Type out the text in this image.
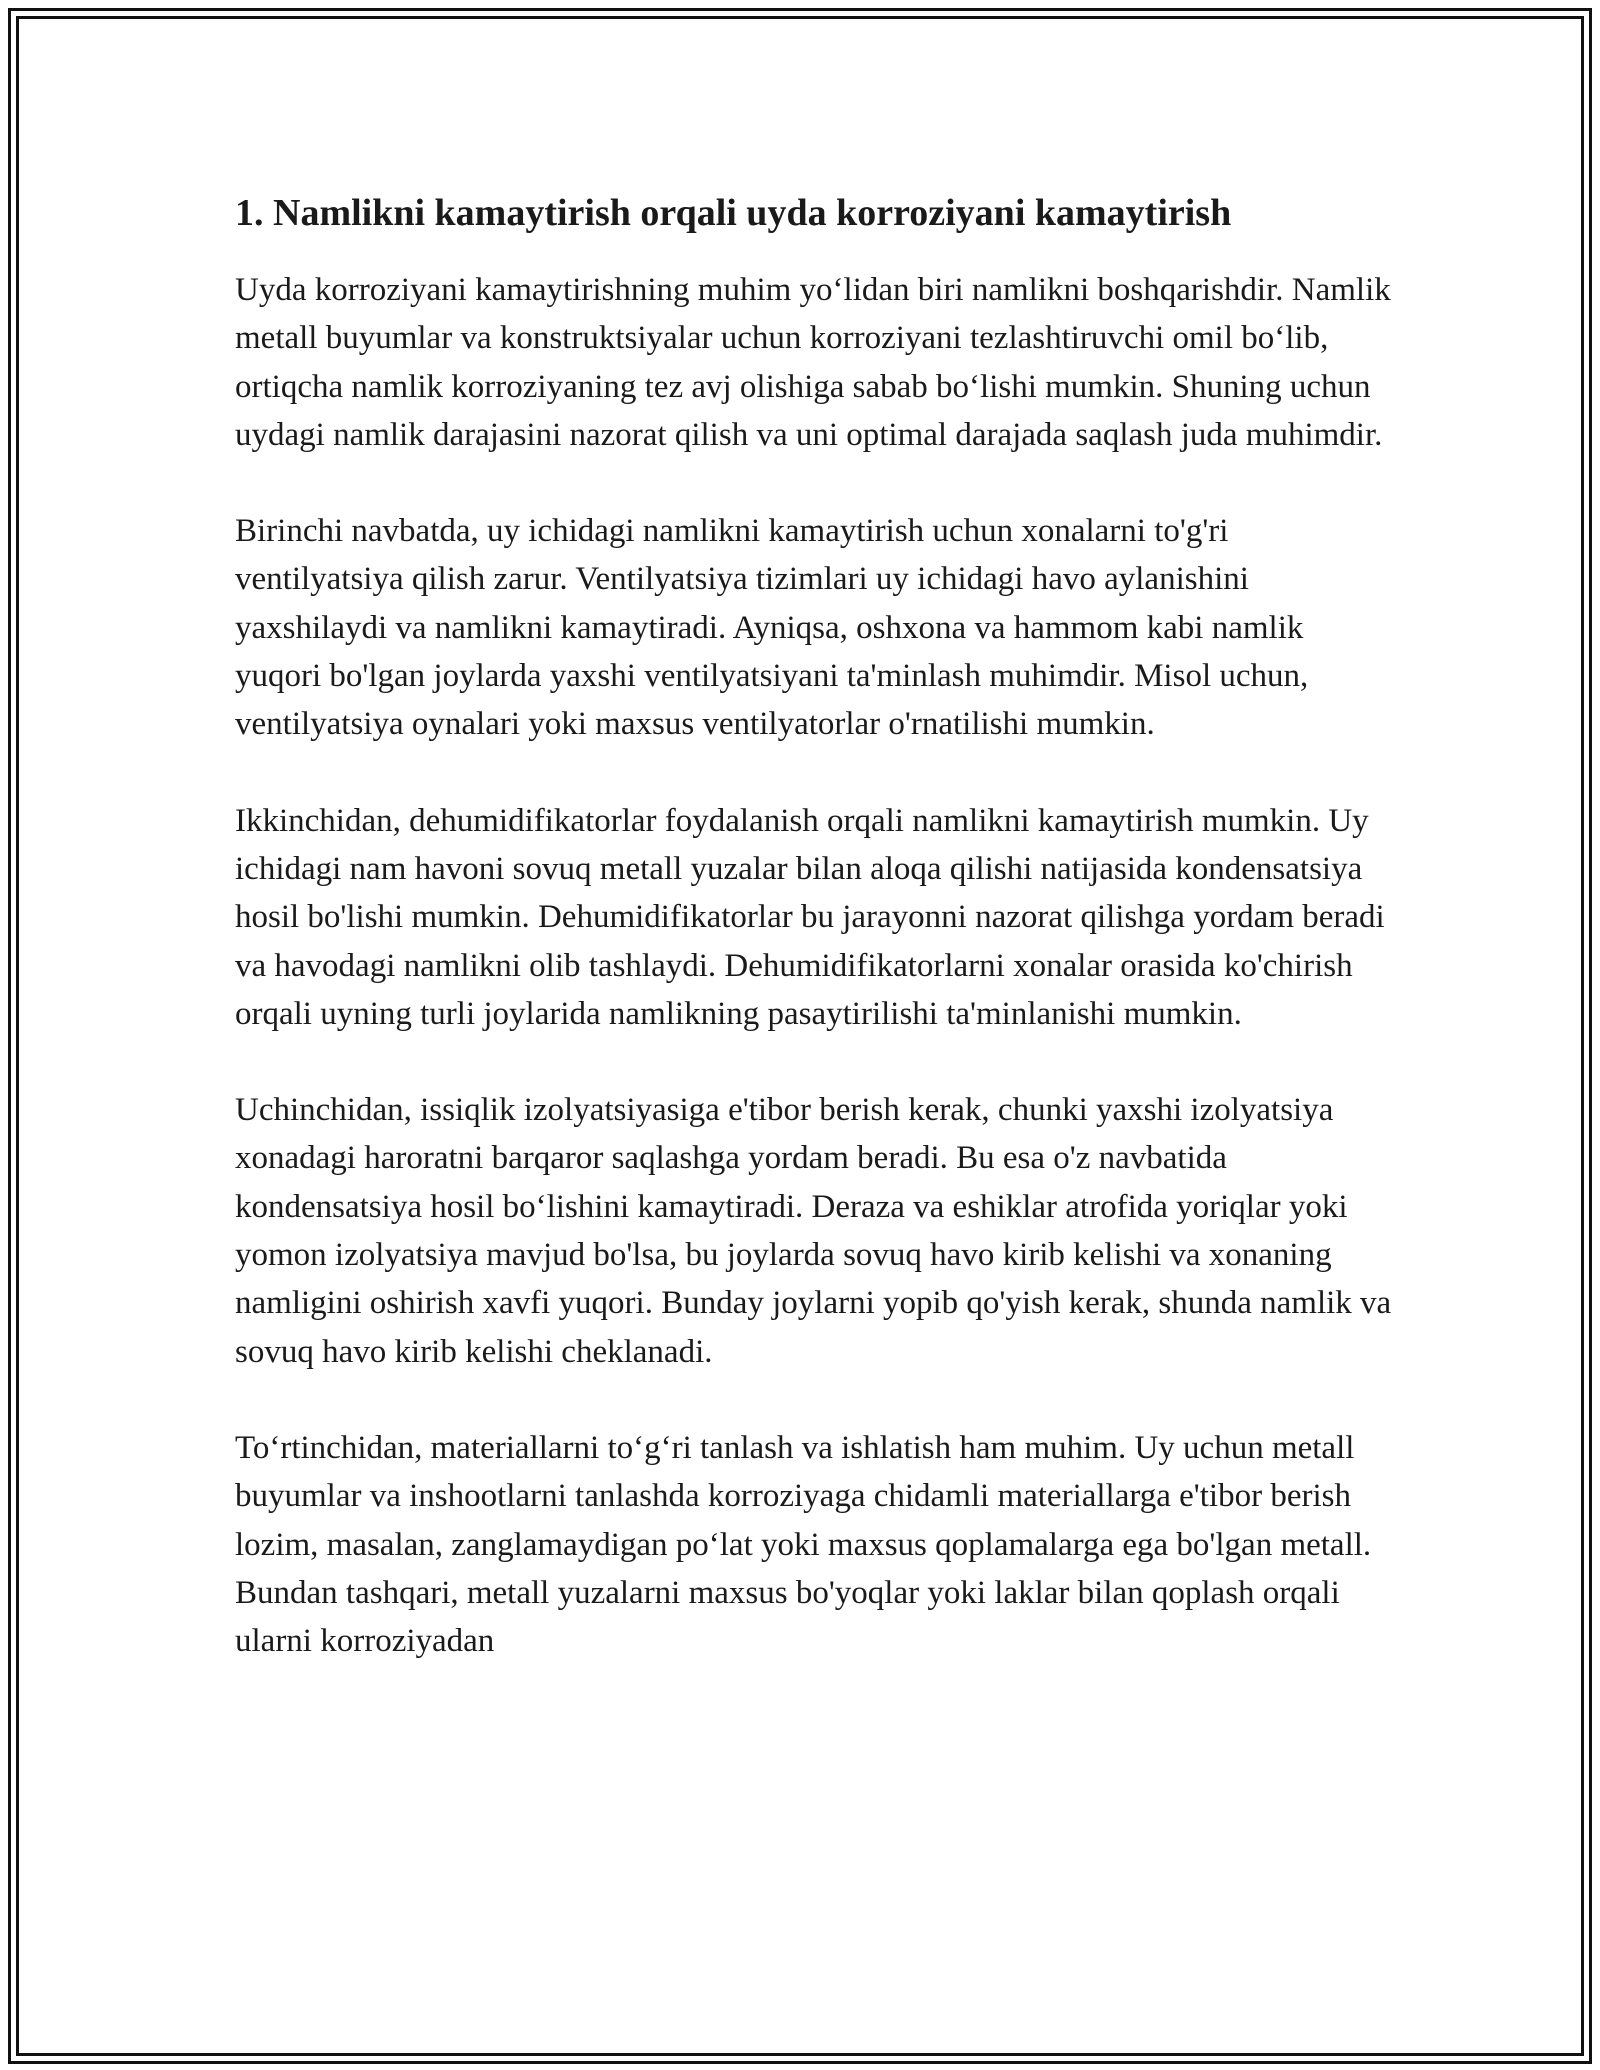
1. Namlikni kamaytirish orqali uyda korroziyani kamaytirish

Uyda korroziyani kamaytirishning muhim yo‘lidan biri namlikni boshqarishdir. Namlik metall buyumlar va konstruktsiyalar uchun korroziyani tezlashtiruvchi omil bo‘lib, ortiqcha namlik korroziyaning tez avj olishiga sabab bo‘lishi mumkin. Shuning uchun uydagi namlik darajasini nazorat qilish va uni optimal darajada saqlash juda muhimdir.

Birinchi navbatda, uy ichidagi namlikni kamaytirish uchun xonalarni to'g'ri ventilyatsiya qilish zarur. Ventilyatsiya tizimlari uy ichidagi havo aylanishini yaxshilaydi va namlikni kamaytiradi. Ayniqsa, oshxona va hammom kabi namlik yuqori bo'lgan joylarda yaxshi ventilyatsiyani ta'minlash muhimdir. Misol uchun, ventilyatsiya oynalari yoki maxsus ventilyatorlar o'rnatilishi mumkin.

Ikkinchidan, dehumidifikatorlar foydalanish orqali namlikni kamaytirish mumkin. Uy ichidagi nam havoni sovuq metall yuzalar bilan aloqa qilishi natijasida kondensatsiya hosil bo'lishi mumkin. Dehumidifikatorlar bu jarayonni nazorat qilishga yordam beradi va havodagi namlikni olib tashlaydi. Dehumidifikatorlarni xonalar orasida ko'chirish orqali uyning turli joylarida namlikning pasaytirilishi ta'minlanishi mumkin.

Uchinchidan, issiqlik izolyatsiyasiga e'tibor berish kerak, chunki yaxshi izolyatsiya xonadagi haroratni barqaror saqlashga yordam beradi. Bu esa o'z navbatida kondensatsiya hosil bo‘lishini kamaytiradi. Deraza va eshiklar atrofida yoriqlar yoki yomon izolyatsiya mavjud bo'lsa, bu joylarda sovuq havo kirib kelishi va xonaning namligini oshirish xavfi yuqori. Bunday joylarni yopib qo'yish kerak, shunda namlik va sovuq havo kirib kelishi cheklanadi.

To‘rtinchidan, materiallarni to‘g‘ri tanlash va ishlatish ham muhim. Uy uchun metall buyumlar va inshootlarni tanlashda korroziyaga chidamli materiallarga e'tibor berish lozim, masalan, zanglamaydigan po‘lat yoki maxsus qoplamalarga ega bo'lgan metall. Bundan tashqari, metall yuzalarni maxsus bo'yoqlar yoki laklar bilan qoplash orqali ularni korroziyadan
